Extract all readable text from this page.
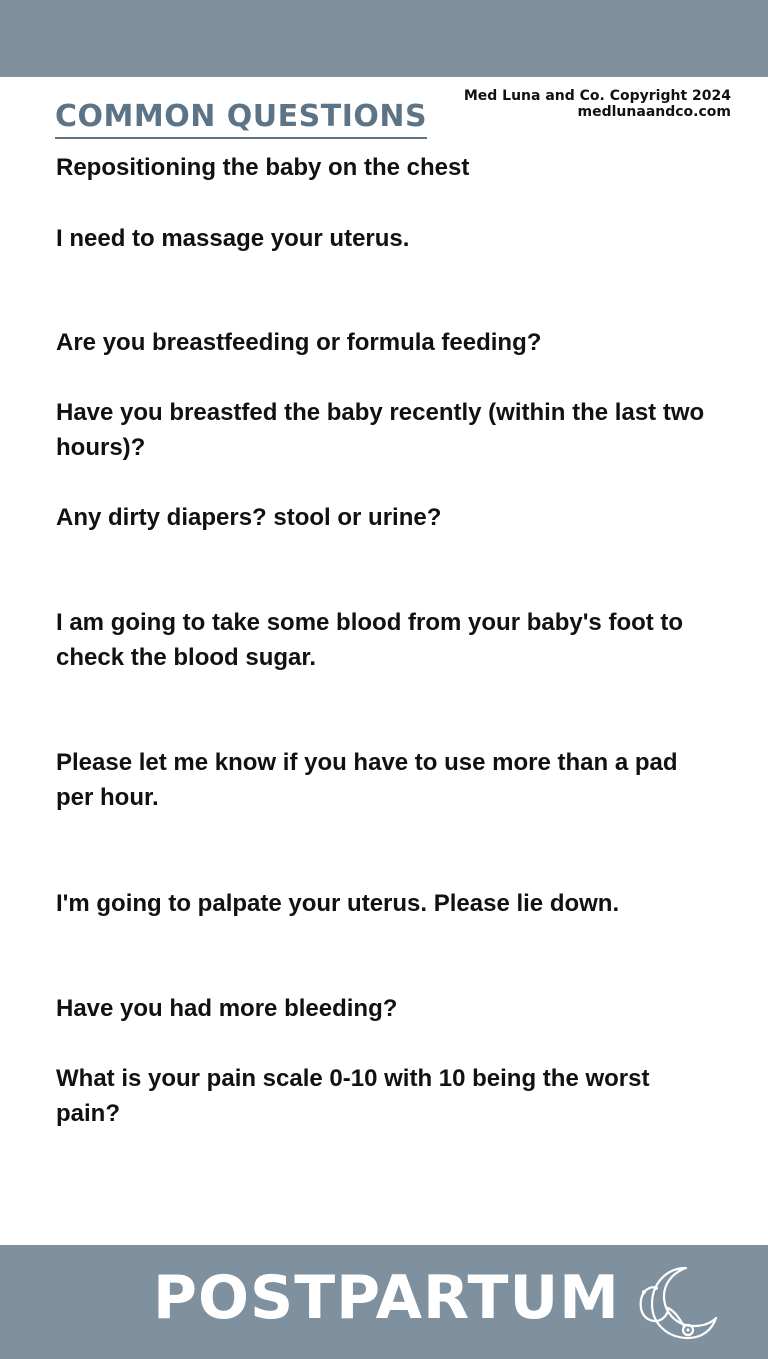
Med Luna and Co. Copyright 2024
medlunaandco.com
COMMON QUESTIONS

Repositioning the baby on the chest

I need to massage your uterus.

Are you breastfeeding or formula feeding?

Have you breastfed the baby recently (within the last two hours)?

Any dirty diapers? stool or urine?

I am going to take some blood from your baby's foot to check the blood sugar.

Please let me know if you have to use more than a pad per hour.

I'm going to palpate your uterus. Please lie down.

Have you had more bleeding?

What is your pain scale 0-10 with 10 being the worst pain?

POSTPARTUM
